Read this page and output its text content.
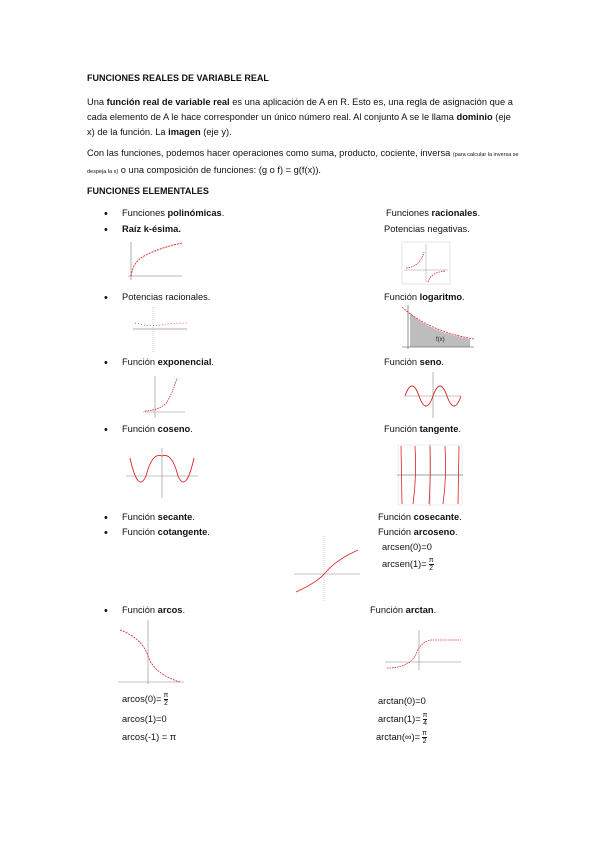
FUNCIONES REALES DE VARIABLE REAL
Una función real de variable real es una aplicación de A en R. Esto es, una regla de asignación que a cada elemento de A le hace corresponder un único número real. Al conjunto A se le llama dominio (eje x) de la función. La imagen (eje y).
Con las funciones, podemos hacer operaciones como suma, producto, cociente, inversa (para calcular la inversa se despeja la x) o una composición de funciones: (g o f) = g(f(x)).
FUNCIONES ELEMENTALES
•
•
•
•
•
•
•
•
Funciones polinómicas.
Raíz k-ésima.
Potencias racionales.
Función exponencial.
Función coseno.
Función secante.
Función cotangente.
Función arcos.
Funciones racionales.
Potencias negativas.
Función logaritmo.
Función seno.
Función tangente.
Función cosecante.
Función arcoseno.
Función arctan.
arcsen(0)=0
arcsen(1)= $\frac{\pi}{2}$
$arcos(0)= \frac{\pi}{2}$
arcos(1)=0
arcos(-1) = π
arctan(0)=0
$\arctan(1)= \frac{\pi}{4}$
$\arctan(\infty)= \frac{\pi}{2}$
f(x)
